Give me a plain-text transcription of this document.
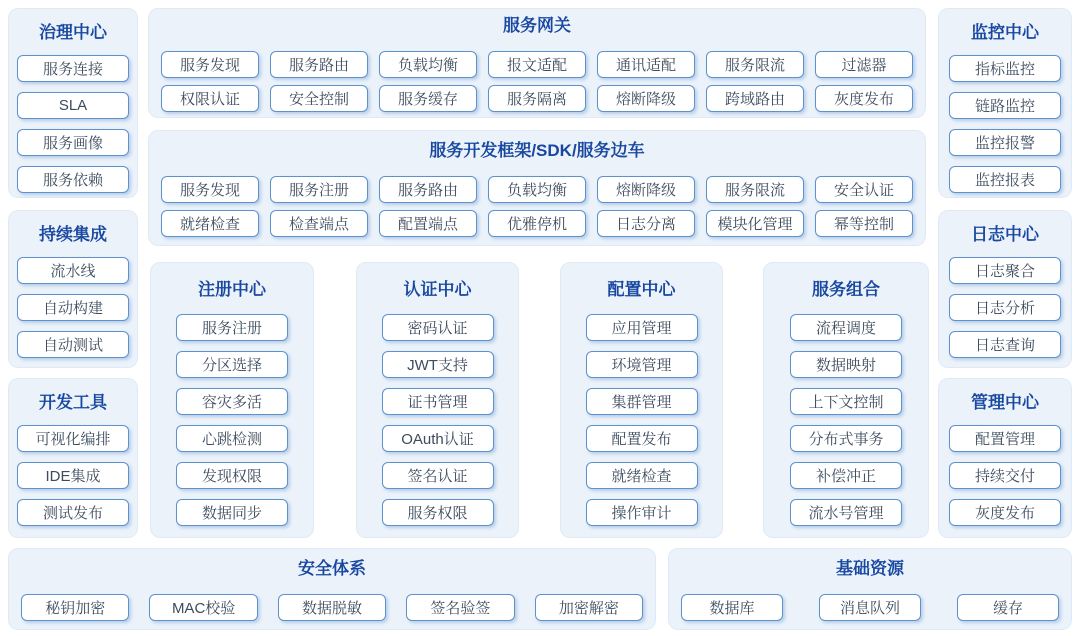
治理中心
服务连接
SLA
服务画像
服务依赖
持续集成
流水线
自动构建
自动测试
开发工具
可视化编排
IDE集成
测试发布
服务网关
服务发现	服务路由	负载均衡	报文适配	通讯适配	服务限流	过滤器
权限认证	安全控制	服务缓存	服务隔离	熔断降级	跨域路由	灰度发布
服务开发框架/SDK/服务边车
服务发现	服务注册	服务路由	负载均衡	熔断降级	服务限流	安全认证
就绪检查	检查端点	配置端点	优雅停机	日志分离	模块化管理	幂等控制
注册中心
服务注册
分区选择
容灾多活
心跳检测
发现权限
数据同步
认证中心
密码认证
JWT支持
证书管理
OAuth认证
签名认证
服务权限
配置中心
应用管理
环境管理
集群管理
配置发布
就绪检查
操作审计
服务组合
流程调度
数据映射
上下文控制
分布式事务
补偿冲正
流水号管理
监控中心
指标监控
链路监控
监控报警
监控报表
日志中心
日志聚合
日志分析
日志查询
管理中心
配置管理
持续交付
灰度发布
安全体系
秘钥加密	MAC校验	数据脱敏	签名验签	加密解密
基础资源
数据库	消息队列	缓存
